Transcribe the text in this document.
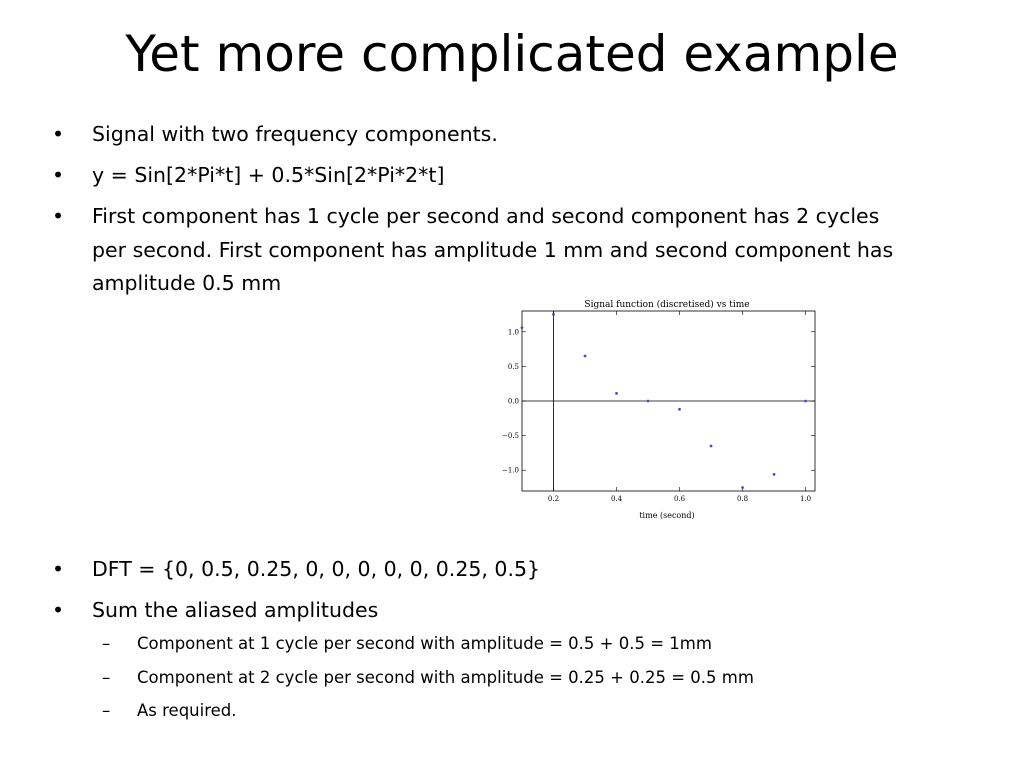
Yet more complicated example
•	Signal with two frequency components.
•	y = Sin[2*Pi*t] + 0.5*Sin[2*Pi*2*t]
•	First component has 1 cycle per second and second component has 2 cycles per second. First component has amplitude 1 mm and second component has amplitude 0.5 mm
Signal function (discretised) vs time
0.2	0.4	0.6	0.8	1.0
1.0
0.5
0.0
−0.5
−1.0
time (second)
•	DFT = {0, 0.5, 0.25, 0, 0, 0, 0, 0, 0.25, 0.5}
•	Sum the aliased amplitudes
– Component at 1 cycle per second with amplitude = 0.5 + 0.5 = 1mm
– Component at 2 cycle per second with amplitude = 0.25 + 0.25 = 0.5 mm
– As required.
